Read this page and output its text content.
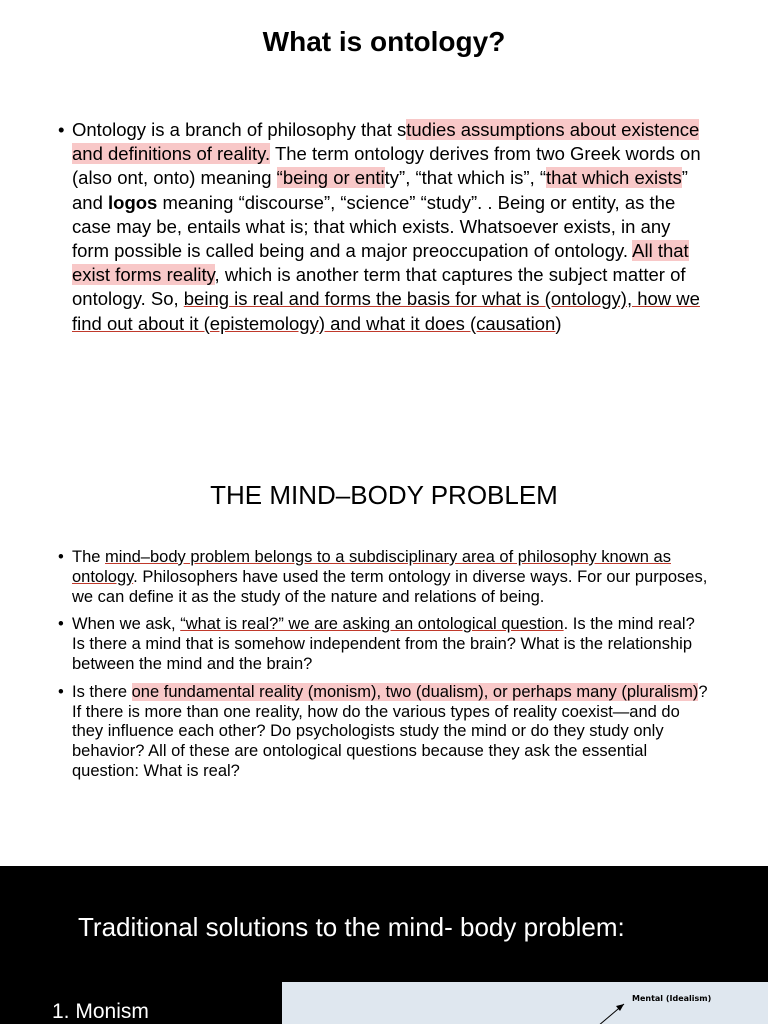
What is ontology?
• Ontology is a branch of philosophy that studies assumptions about existence and definitions of reality. The term ontology derives from two Greek words on (also ont, onto) meaning “being or entity”, “that which is”, “that which exists” and logos meaning “discourse”, “science” “study”. . Being or entity, as the case may be, entails what is; that which exists. Whatsoever exists, in any form possible is called being and a major preoccupation of ontology. All that exist forms reality, which is another term that captures the subject matter of ontology. So, being is real and forms the basis for what is (ontology), how we find out about it (epistemology) and what it does (causation)
THE MIND–BODY PROBLEM
• The mind–body problem belongs to a subdisciplinary area of philosophy known as ontology. Philosophers have used the term ontology in diverse ways. For our purposes, we can define it as the study of the nature and relations of being.
• When we ask, “what is real?” we are asking an ontological question. Is the mind real? Is there a mind that is somehow independent from the brain? What is the relationship between the mind and the brain?
• Is there one fundamental reality (monism), two (dualism), or perhaps many (pluralism)? If there is more than one reality, how do the various types of reality coexist—and do they influence each other? Do psychologists study the mind or do they study only behavior? All of these are ontological questions because they ask the essential question: What is real?
Traditional solutions to the mind- body problem:
1. Monism
Mental (Idealism)
